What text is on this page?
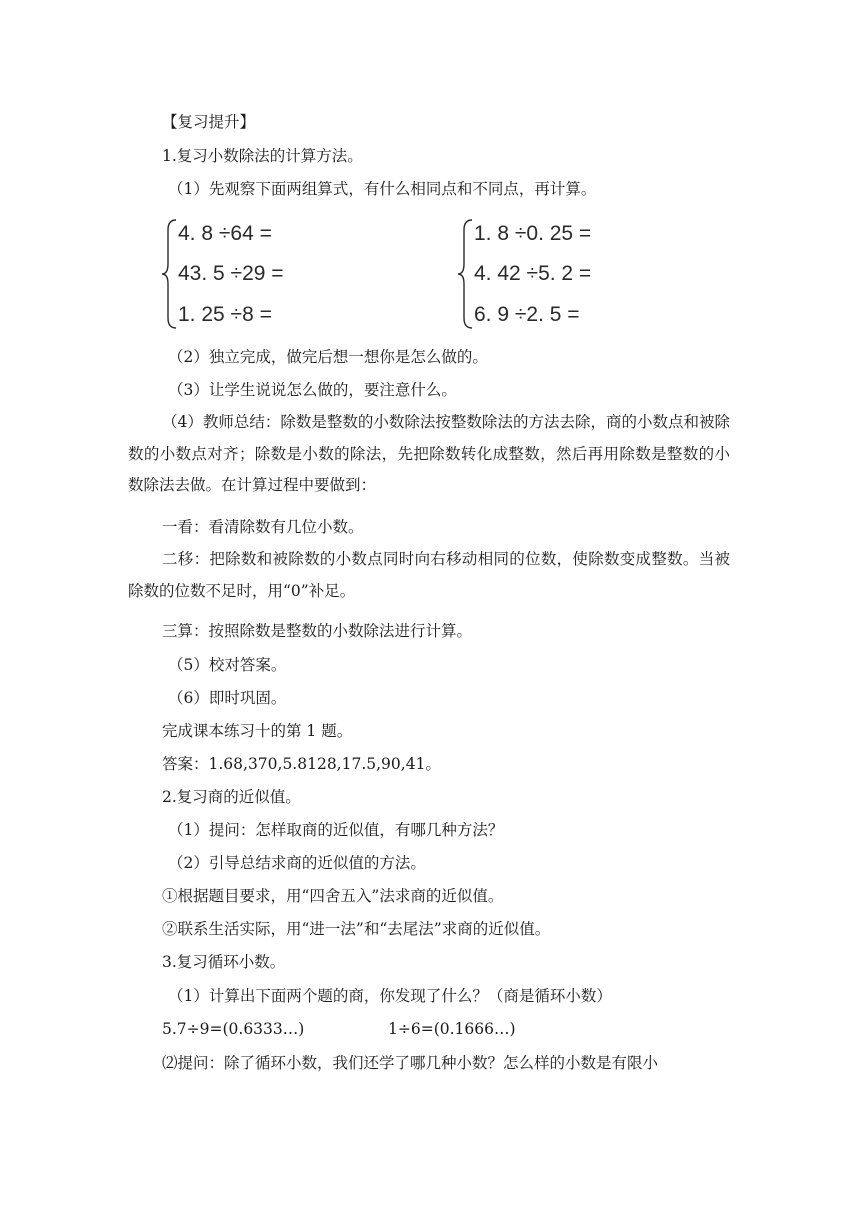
【复习提升】
1.复习小数除法的计算方法。
（1）先观察下面两组算式，有什么相同点和不同点，再计算。
4. 8 ÷64 =
43. 5 ÷29 =
1. 25 ÷8 =
1. 8 ÷0. 25 =
4. 42 ÷5. 2 =
6. 9 ÷2. 5 =
（2）独立完成，做完后想一想你是怎么做的。
（3）让学生说说怎么做的，要注意什么。
（4）教师总结：除数是整数的小数除法按整数除法的方法去除，商的小数点和被除数的小数点对齐；除数是小数的除法，先把除数转化成整数，然后再用除数是整数的小数除法去做。在计算过程中要做到：
一看：看清除数有几位小数。
二移：把除数和被除数的小数点同时向右移动相同的位数，使除数变成整数。当被除数的位数不足时，用“0”补足。
三算：按照除数是整数的小数除法进行计算。
（5）校对答案。
（6）即时巩固。
完成课本练习十的第 1 题。
答案：1.68,370,5.8128,17.5,90,41。
2.复习商的近似值。
（1）提问：怎样取商的近似值，有哪几种方法？
（2）引导总结求商的近似值的方法。
①根据题目要求，用“四舍五入”法求商的近似值。
②联系生活实际，用“进一法”和“去尾法”求商的近似值。
3.复习循环小数。
（1）计算出下面两个题的商，你发现了什么？（商是循环小数）
5.7÷9=(0.6333…)	1÷6=(0.1666…)
⑵提问：除了循环小数，我们还学了哪几种小数？怎么样的小数是有限小
